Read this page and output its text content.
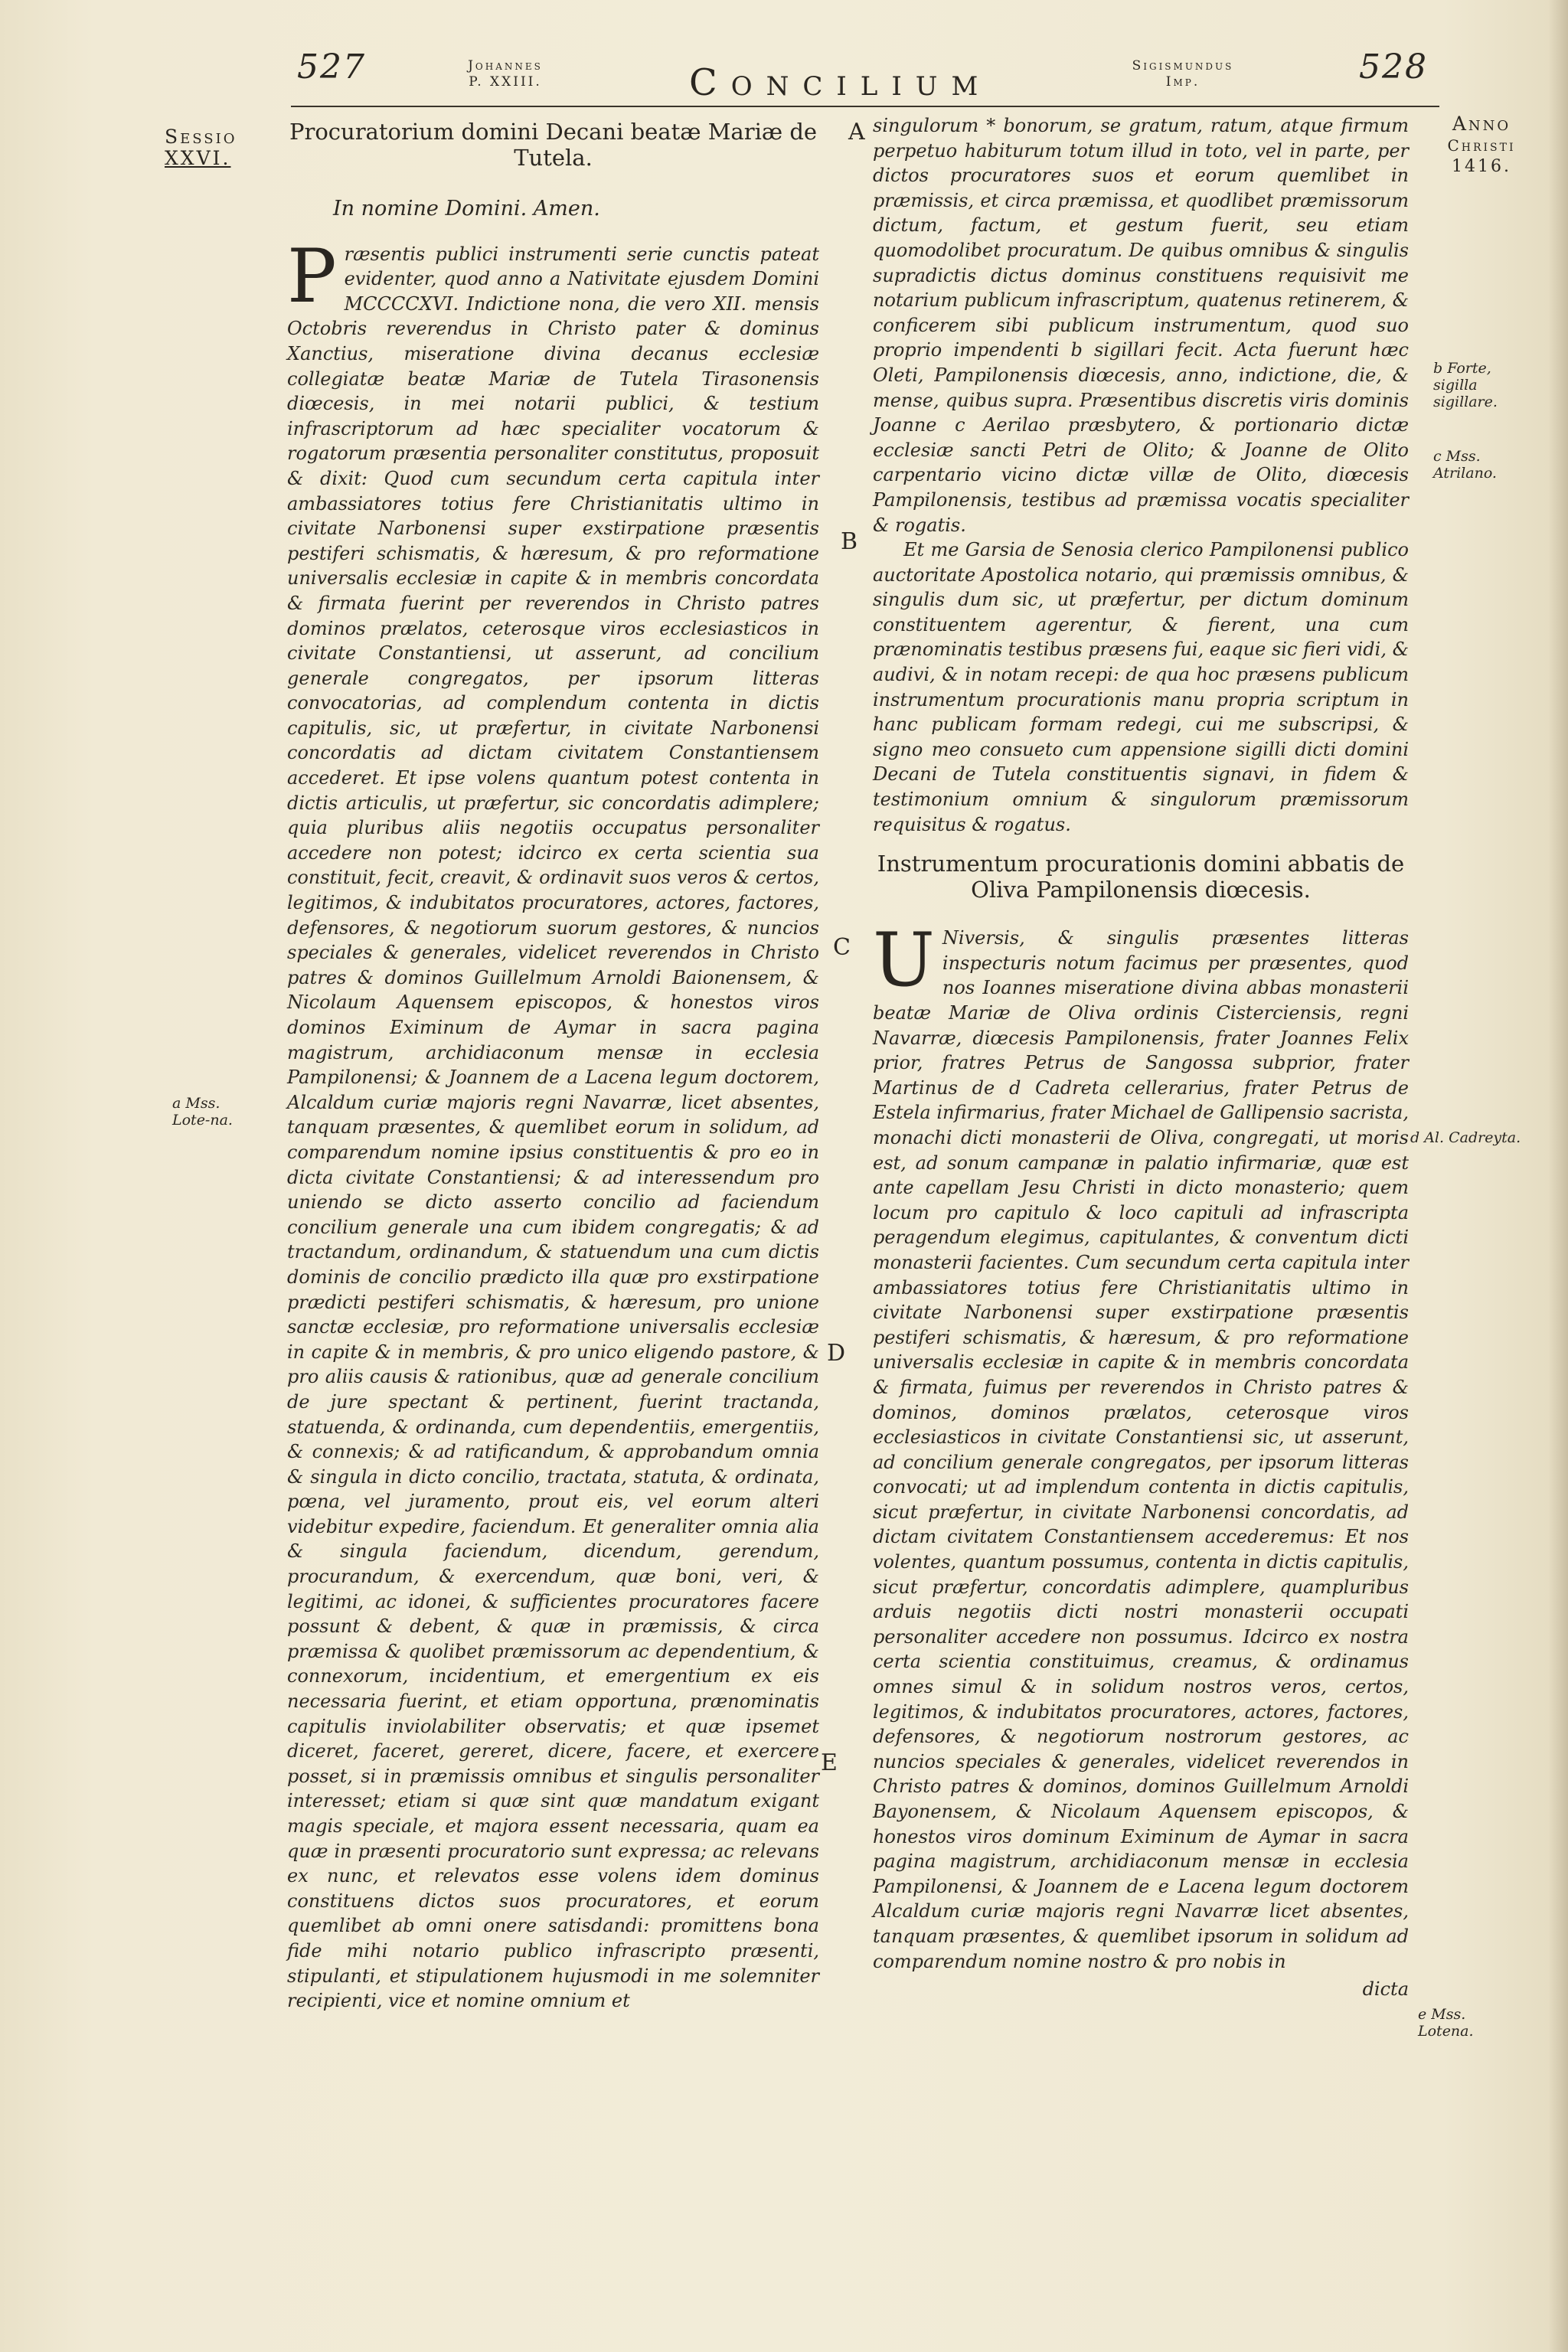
527	Johannes
P. XXIII.	Concilium	Sigismundus
Imp.	528
Sessio
XXVI.
a Mss. Lote-na.
A
B
C
D
E
Anno
Christi
1416.
b Forte, sigilla sigillare.
c Mss. Atrilano.
d Al. Cadreyta.
e Mss. Lotena.
Procuratorium domini Decani beatæ Mariæ de Tutela.
In nomine Domini. Amen.

Præsentis publici instrumenti serie cunctis pateat evidenter, quod anno a Nativitate ejusdem Domini MCCCCXVI. Indictione nona, die vero XII. mensis Octobris reverendus in Christo pater & dominus Xanctius, miseratione divina decanus ecclesiæ collegiatæ beatæ Mariæ de Tutela Tirasonensis diœcesis, in mei notarii publici, & testium infrascriptorum ad hæc specialiter vocatorum & rogatorum præsentia personaliter constitutus, proposuit & dixit: Quod cum secundum certa capitula inter ambassiatores totius fere Christianitatis ultimo in civitate Narbonensi super exstirpatione præsentis pestiferi schismatis, & hæresum, & pro reformatione universalis ecclesiæ in capite & in membris concordata & firmata fuerint per reverendos in Christo patres dominos prælatos, ceterosque viros ecclesiasticos in civitate Constantiensi, ut asserunt, ad concilium generale congregatos, per ipsorum litteras convocatorias, ad complendum contenta in dictis capitulis, sic, ut præfertur, in civitate Narbonensi concordatis ad dictam civitatem Constantiensem accederet. Et ipse volens quantum potest contenta in dictis articulis, ut præfertur, sic concordatis adimplere; quia pluribus aliis negotiis occupatus personaliter accedere non potest; idcirco ex certa scientia sua constituit, fecit, creavit, & ordinavit suos veros & certos, legitimos, & indubitatos procuratores, actores, factores, defensores, & negotiorum suorum gestores, & nuncios speciales & generales, videlicet reverendos in Christo patres & dominos Guillelmum Arnoldi Baionensem, & Nicolaum Aquensem episcopos, & honestos viros dominos Eximinum de Aymar in sacra pagina magistrum, archidiaconum mensæ in ecclesia Pampilonensi; & Joannem de a Lacena legum doctorem, Alcaldum curiæ majoris regni Navarræ, licet absentes, tanquam præsentes, & quemlibet eorum in solidum, ad comparendum nomine ipsius constituentis & pro eo in dicta civitate Constantiensi; & ad interessendum pro uniendo se dicto asserto concilio ad faciendum concilium generale una cum ibidem congregatis; & ad tractandum, ordinandum, & statuendum una cum dictis dominis de concilio prædicto illa quæ pro exstirpatione prædicti pestiferi schismatis, & hæresum, pro unione sanctæ ecclesiæ, pro reformatione universalis ecclesiæ in capite & in membris, & pro unico eligendo pastore, & pro aliis causis & rationibus, quæ ad generale concilium de jure spectant & pertinent, fuerint tractanda, statuenda, & ordinanda, cum dependentiis, emergentiis, & connexis; & ad ratificandum, & approbandum omnia & singula in dicto concilio, tractata, statuta, & ordinata, pœna, vel juramento, prout eis, vel eorum alteri videbitur expedire, faciendum. Et generaliter omnia alia & singula faciendum, dicendum, gerendum, procurandum, & exercendum, quæ boni, veri, & legitimi, ac idonei, & sufficientes procuratores facere possunt & debent, & quæ in præmissis, & circa præmissa & quolibet præmissorum ac dependentium, & connexorum, incidentium, et emergentium ex eis necessaria fuerint, et etiam opportuna, prænominatis capitulis inviolabiliter observatis; et quæ ipsemet diceret, faceret, gereret, dicere, facere, et exercere posset, si in præmissis omnibus et singulis personaliter interesset; etiam si quæ sint quæ mandatum exigant magis speciale, et majora essent necessaria, quam ea quæ in præsenti procuratorio sunt expressa; ac relevans ex nunc, et relevatos esse volens idem dominus constituens dictos suos procuratores, et eorum quemlibet ab omni onere satisdandi: promittens bona fide mihi notario publico infrascripto præsenti, stipulanti, et stipulationem hujusmodi in me solemniter recipienti, vice et nomine omnium et

singulorum * bonorum, se gratum, ratum, atque firmum perpetuo habiturum totum illud in toto, vel in parte, per dictos procuratores suos et eorum quemlibet in præmissis, et circa præmissa, et quodlibet præmissorum dictum, factum, et gestum fuerit, seu etiam quomodolibet procuratum. De quibus omnibus & singulis supradictis dictus dominus constituens requisivit me notarium publicum infrascriptum, quatenus retinerem, & conficerem sibi publicum instrumentum, quod suo proprio impendenti b sigillari fecit. Acta fuerunt hæc Oleti, Pampilonensis diœcesis, anno, indictione, die, & mense, quibus supra. Præsentibus discretis viris dominis Joanne c Aerilao præsbytero, & portionario dictæ ecclesiæ sancti Petri de Olito; & Joanne de Olito carpentario vicino dictæ villæ de Olito, diœcesis Pampilonensis, testibus ad præmissa vocatis specialiter & rogatis.

Et me Garsia de Senosia clerico Pampilonensi publico auctoritate Apostolica notario, qui præmissis omnibus, & singulis dum sic, ut præfertur, per dictum dominum constituentem agerentur, & fierent, una cum prænominatis testibus præsens fui, eaque sic fieri vidi, & audivi, & in notam recepi: de qua hoc præsens publicum instrumentum procurationis manu propria scriptum in hanc publicam formam redegi, cui me subscripsi, & signo meo consueto cum appensione sigilli dicti domini Decani de Tutela constituentis signavi, in fidem & testimonium omnium & singulorum præmissorum requisitus & rogatus.

Instrumentum procurationis domini abbatis de Oliva Pampilonensis diœcesis.

U Niversis, & singulis præsentes litteras inspecturis notum facimus per præsentes, quod nos Ioannes miseratione divina abbas monasterii beatæ Mariæ de Oliva ordinis Cisterciensis, regni Navarræ, diœcesis Pampilonensis, frater Joannes Felix prior, fratres Petrus de Sangossa subprior, frater Martinus de d Cadreta cellerarius, frater Petrus de Estela infirmarius, frater Michael de Gallipensio sacrista, monachi dicti monasterii de Oliva, congregati, ut moris est, ad sonum campanæ in palatio infirmariæ, quæ est ante capellam Jesu Christi in dicto monasterio; quem locum pro capitulo & loco capituli ad infrascripta peragendum elegimus, capitulantes, & conventum dicti monasterii facientes. Cum secundum certa capitula inter ambassiatores totius fere Christianitatis ultimo in civitate Narbonensi super exstirpatione præsentis pestiferi schismatis, & hæresum, & pro reformatione universalis ecclesiæ in capite & in membris concordata & firmata, fuimus per reverendos in Christo patres & dominos, dominos prælatos, ceterosque viros ecclesiasticos in civitate Constantiensi sic, ut asserunt, ad concilium generale congregatos, per ipsorum litteras convocati; ut ad implendum contenta in dictis capitulis, sicut præfertur, in civitate Narbonensi concordatis, ad dictam civitatem Constantiensem accederemus: Et nos volentes, quantum possumus, contenta in dictis capitulis, sicut præfertur, concordatis adimplere, quampluribus arduis negotiis dicti nostri monasterii occupati personaliter accedere non possumus. Idcirco ex nostra certa scientia constituimus, creamus, & ordinamus omnes simul & in solidum nostros veros, certos, legitimos, & indubitatos procuratores, actores, factores, defensores, & negotiorum nostrorum gestores, ac nuncios speciales & generales, videlicet reverendos in Christo patres & dominos, dominos Guillelmum Arnoldi Bayonensem, & Nicolaum Aquensem episcopos, & honestos viros dominum Eximinum de Aymar in sacra pagina magistrum, archidiaconum mensæ in ecclesia Pampilonensi, & Joannem de e Lacena legum doctorem Alcaldum curiæ majoris regni Navarræ licet absentes, tanquam præsentes, & quemlibet ipsorum in solidum ad comparendum nomine nostro & pro nobis in

dicta
